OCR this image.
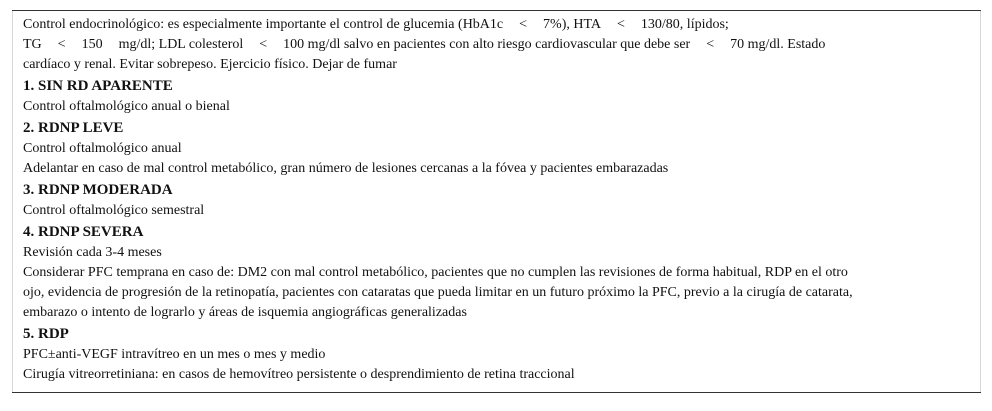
Control endocrinológico: es especialmente importante el control de glucemia (HbA1c < 7%), HTA < 130/80, lípidos;

TG < 150 mg/dl; LDL colesterol < 100 mg/dl salvo en pacientes con alto riesgo cardiovascular que debe ser < 70 mg/dl. Estado

cardíaco y renal. Evitar sobrepeso. Ejercicio físico. Dejar de fumar

1. SIN RD APARENTE

Control oftalmológico anual o bienal

2. RDNP LEVE

Control oftalmológico anual

Adelantar en caso de mal control metabólico, gran número de lesiones cercanas a la fóvea y pacientes embarazadas

3. RDNP MODERADA

Control oftalmológico semestral

4. RDNP SEVERA

Revisión cada 3-4 meses

Considerar PFC temprana en caso de: DM2 con mal control metabólico, pacientes que no cumplen las revisiones de forma habitual, RDP en el otro

ojo, evidencia de progresión de la retinopatía, pacientes con cataratas que pueda limitar en un futuro próximo la PFC, previo a la cirugía de catarata,

embarazo o intento de lograrlo y áreas de isquemia angiográficas generalizadas

5. RDP

PFC±anti-VEGF intravítreo en un mes o mes y medio

Cirugía vitreorretiniana: en casos de hemovítreo persistente o desprendimiento de retina traccional
